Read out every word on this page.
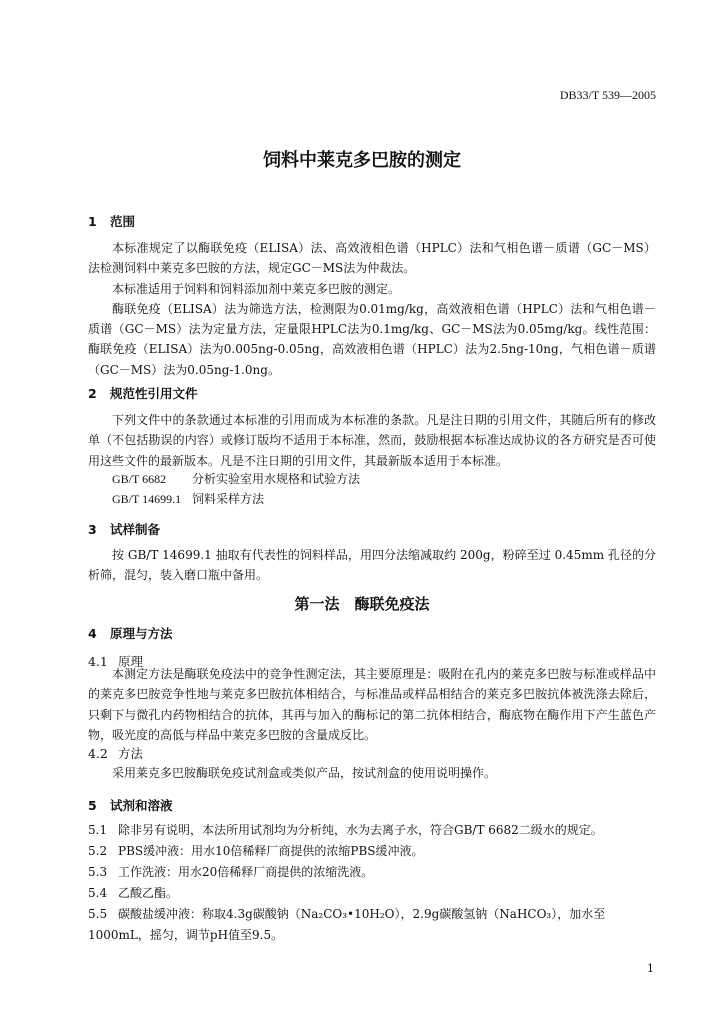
DB33/T 539—2005
饲料中莱克多巴胺的测定
1 范围

本标准规定了以酶联免疫（ELISA）法、高效液相色谱（HPLC）法和气相色谱－质谱（GC－MS）法检测饲料中莱克多巴胺的方法，规定GC－MS法为仲裁法。

本标准适用于饲料和饲料添加剂中莱克多巴胺的测定。

酶联免疫（ELISA）法为筛选方法，检测限为0.01mg/kg，高效液相色谱（HPLC）法和气相色谱－质谱（GC－MS）法为定量方法，定量限HPLC法为0.1mg/kg、GC－MS法为0.05mg/kg。线性范围：酶联免疫（ELISA）法为0.005ng-0.05ng，高效液相色谱（HPLC）法为2.5ng-10ng，气相色谱－质谱（GC－MS）法为0.05ng-1.0ng。

2 规范性引用文件

下列文件中的条款通过本标准的引用而成为本标准的条款。凡是注日期的引用文件，其随后所有的修改单（不包括勘误的内容）或修订版均不适用于本标准，然而，鼓励根据本标准达成协议的各方研究是否可使用这些文件的最新版本。凡是不注日期的引用文件，其最新版本适用于本标准。

GB/T 6682 分析实验室用水规格和试验方法
GB/T 14699.1 饲料采样方法
3 试样制备

按 GB/T 14699.1 抽取有代表性的饲料样品，用四分法缩减取约 200g，粉碎至过 0.45mm 孔径的分析筛，混匀，装入磨口瓶中备用。

第一法　酶联免疫法
4 原理与方法
4.1 原理

本测定方法是酶联免疫法中的竞争性测定法，其主要原理是：吸附在孔内的莱克多巴胺与标准或样品中的莱克多巴胺竞争性地与莱克多巴胺抗体相结合，与标准品或样品相结合的莱克多巴胺抗体被洗涤去除后，只剩下与微孔内药物相结合的抗体，其再与加入的酶标记的第二抗体相结合，酶底物在酶作用下产生蓝色产物，吸光度的高低与样品中莱克多巴胺的含量成反比。

4.2 方法

采用莱克多巴胺酶联免疫试剂盒或类似产品，按试剂盒的使用说明操作。

5 试剂和溶液
5.1 除非另有说明，本法所用试剂均为分析纯，水为去离子水，符合GB/T 6682二级水的规定。
5.2 PBS缓冲液：用水10倍稀释厂商提供的浓缩PBS缓冲液。
5.3 工作洗液：用水20倍稀释厂商提供的浓缩洗液。
5.4 乙酸乙酯。
5.5 碳酸盐缓冲液：称取4.3g碳酸钠（Na₂CO₃•10H₂O），2.9g碳酸氢钠（NaHCO₃），加水至1000mL，摇匀，调节pH值至9.5。
1
